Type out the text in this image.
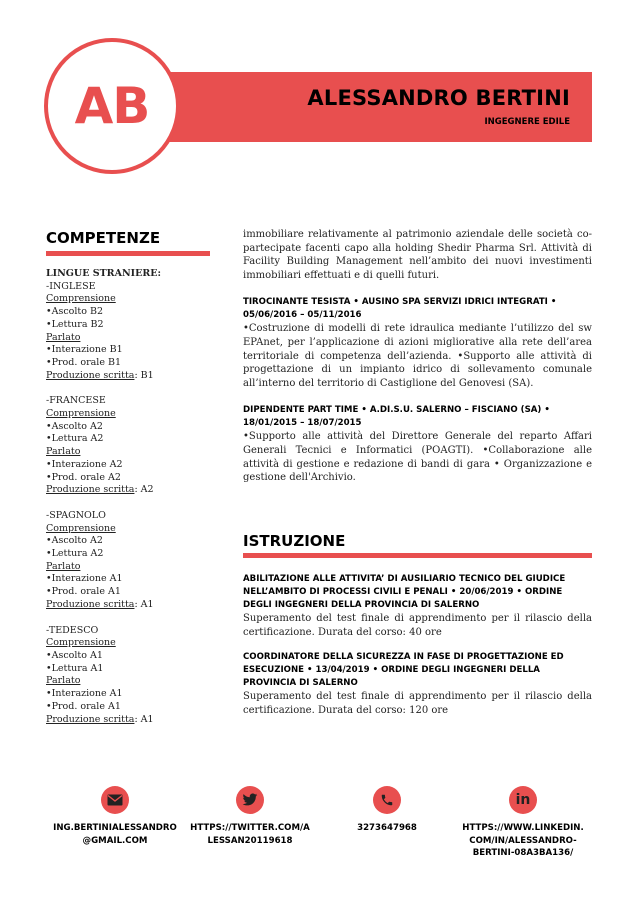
AB	ALESSANDRO BERTINI
INGEGNERE EDILE
COMPETENZE
LINGUE STRANIERE:
-INGLESE
Comprensione
•Ascolto B2
•Lettura B2
Parlato
•Interazione B1
•Prod. orale B1
Produzione scritta: B1
-FRANCESE
Comprensione
•Ascolto A2
•Lettura A2
Parlato
•Interazione A2
•Prod. orale A2
Produzione scritta: A2
-SPAGNOLO
Comprensione
•Ascolto A2
•Lettura A2
Parlato
•Interazione A1
•Prod. orale A1
Produzione scritta: A1
-TEDESCO
Comprensione
•Ascolto A1
•Lettura A1
Parlato
•Interazione A1
•Prod. orale A1
Produzione scritta: A1
immobiliare relativamente al patrimonio aziendale delle società co-partecipate facenti capo alla holding Shedir Pharma Srl. Attività di Facility Building Management nell’ambito dei nuovi investimenti immobiliari effettuati e di quelli futuri.
TIROCINANTE TESISTA • AUSINO SPA SERVIZI IDRICI INTEGRATI •
05/06/2016 – 05/11/2016
•Costruzione di modelli di rete idraulica mediante l’utilizzo del sw EPAnet, per l’applicazione di azioni migliorative alla rete dell’area territoriale di competenza dell’azienda. •Supporto alle attività di progettazione di un impianto idrico di sollevamento comunale all’interno del territorio di Castiglione del Genovesi (SA).
DIPENDENTE PART TIME • A.DI.S.U. SALERNO – FISCIANO (SA) •
18/01/2015 – 18/07/2015
•Supporto alle attività del Direttore Generale del reparto Affari Generali Tecnici e Informatici (POAGTI). •Collaborazione alle attività di gestione e redazione di bandi di gara • Organizzazione e gestione dell'Archivio.
ISTRUZIONE
ABILITAZIONE ALLE ATTIVITA’ DI AUSILIARIO TECNICO DEL GIUDICE NELL’AMBITO DI PROCESSI CIVILI E PENALI • 20/06/2019 • ORDINE DEGLI INGEGNERI DELLA PROVINCIA DI SALERNO
Superamento del test finale di apprendimento per il rilascio della certificazione. Durata del corso: 40 ore
COORDINATORE DELLA SICUREZZA IN FASE DI PROGETTAZIONE ED ESECUZIONE • 13/04/2019 • ORDINE DEGLI INGEGNERI DELLA PROVINCIA DI SALERNO
Superamento del test finale di apprendimento per il rilascio della certificazione. Durata del corso: 120 ore
ING.BERTINIALESSANDRO
@GMAIL.COM
HTTPS://TWITTER.COM/A
LESSAN20119618
3273647968
in
HTTPS://WWW.LINKEDIN.
COM/IN/ALESSANDRO-
BERTINI-08A3BA136/
